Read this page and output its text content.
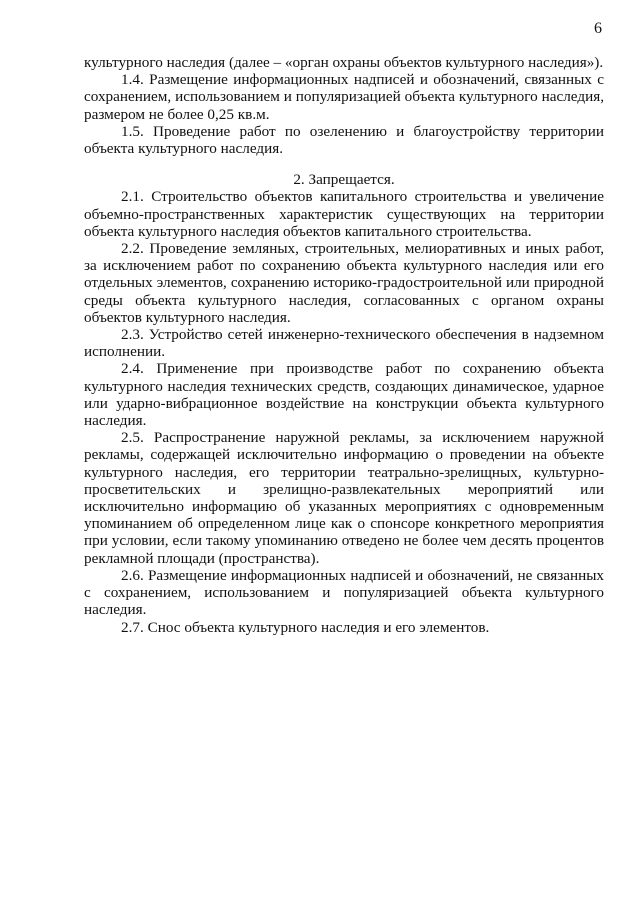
6

культурного наследия (далее – «орган охраны объектов культурного наследия»).

1.4. Размещение информационных надписей и обозначений, связанных с сохранением, использованием и популяризацией объекта культурного наследия, размером не более 0,25 кв.м.

1.5. Проведение работ по озеленению и благоустройству территории объекта культурного наследия.

2. Запрещается.

2.1. Строительство объектов капитального строительства и увеличение объемно-пространственных характеристик существующих на территории объекта культурного наследия объектов капитального строительства.

2.2. Проведение земляных, строительных, мелиоративных и иных работ, за исключением работ по сохранению объекта культурного наследия или его отдельных элементов, сохранению историко-градостроительной или природной среды объекта культурного наследия, согласованных с органом охраны объектов культурного наследия.

2.3. Устройство сетей инженерно-технического обеспечения в надземном исполнении.

2.4. Применение при производстве работ по сохранению объекта культурного наследия технических средств, создающих динамическое, ударное или ударно-вибрационное воздействие на конструкции объекта культурного наследия.

2.5. Распространение наружной рекламы, за исключением наружной рекламы, содержащей исключительно информацию о проведении на объекте культурного наследия, его территории театрально-зрелищных, культурно-просветительских и зрелищно-развлекательных мероприятий или исключительно информацию об указанных мероприятиях с одновременным упоминанием об определенном лице как о спонсоре конкретного мероприятия при условии, если такому упоминанию отведено не более чем десять процентов рекламной площади (пространства).

2.6. Размещение информационных надписей и обозначений, не связанных с сохранением, использованием и популяризацией объекта культурного наследия.

2.7. Снос объекта культурного наследия и его элементов.
